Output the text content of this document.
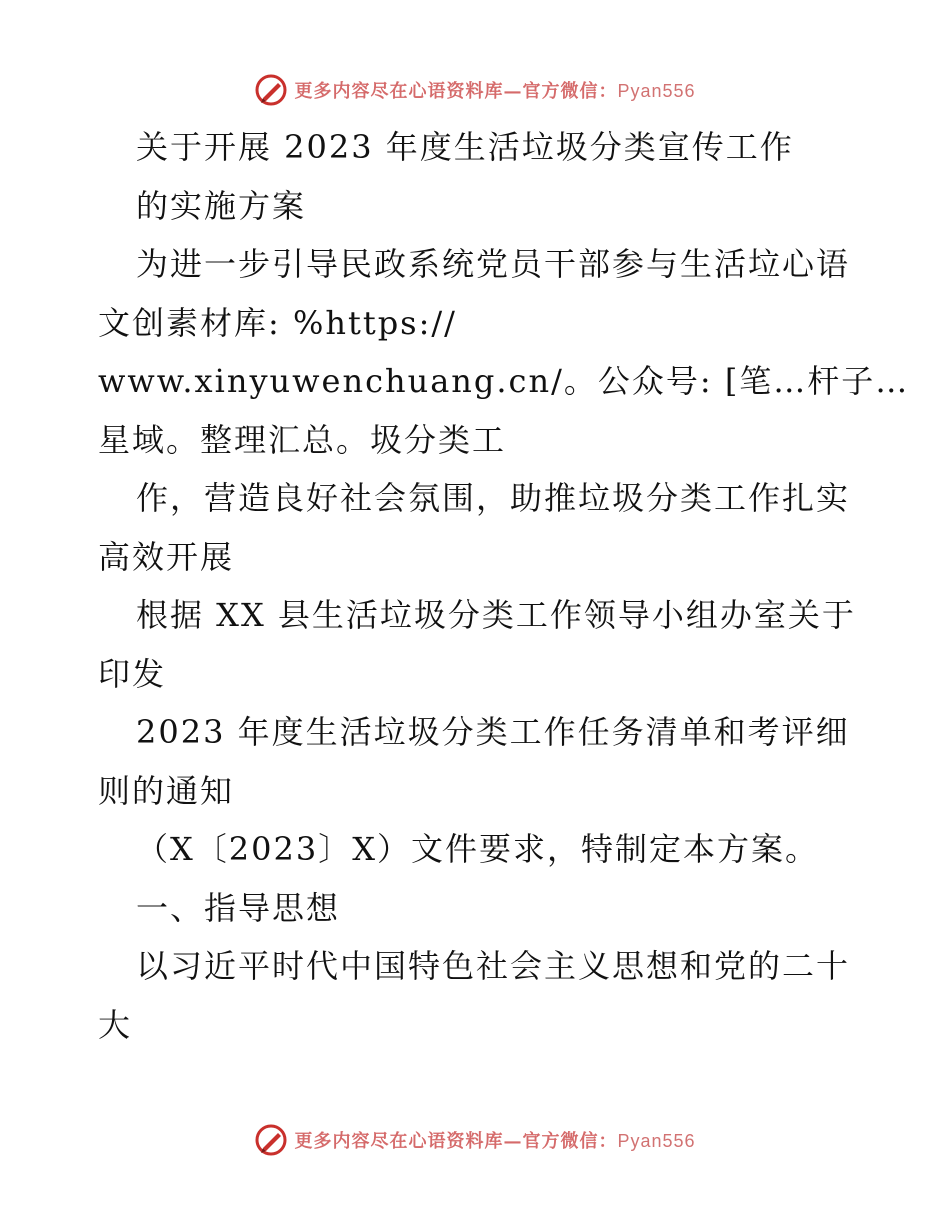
更多内容尽在心语资料库—官方微信：Pyan556
关于开展 2023 年度生活垃圾分类宣传工作
的实施方案
为进一步引导民政系统党员干部参与生活垃心语
文创素材库: %https://
www.xinyuwenchuang.cn/。公众号: [笔…杆子…
星域。整理汇总。圾分类工
作，营造良好社会氛围，助推垃圾分类工作扎实
高效开展
根据 XX 县生活垃圾分类工作领导小组办室关于
印发
2023 年度生活垃圾分类工作任务清单和考评细
则的通知
（X〔2023〕X）文件要求，特制定本方案。
一、指导思想
以习近平时代中国特色社会主义思想和党的二十
大
更多内容尽在心语资料库—官方微信：Pyan556
